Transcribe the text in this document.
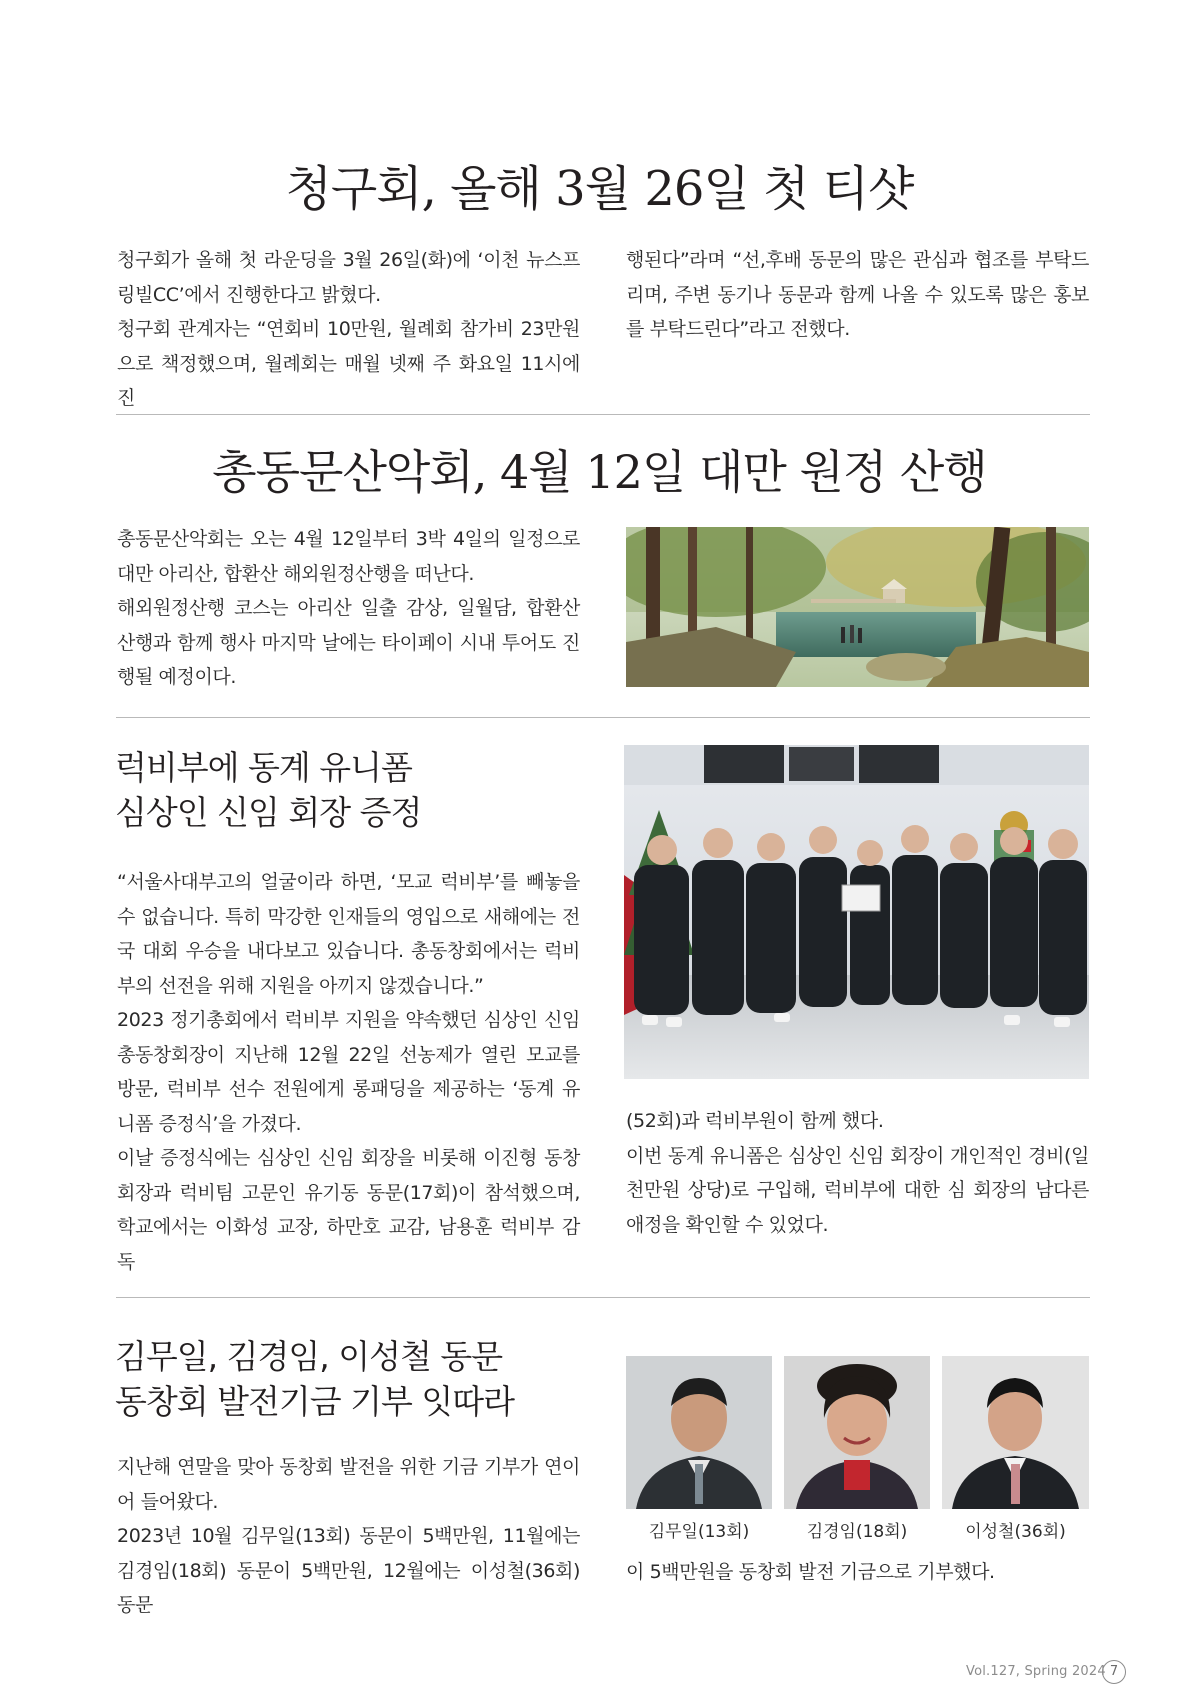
청구회, 올해 3월 26일 첫 티샷

청구회가 올해 첫 라운딩을 3월 26일(화)에 ‘이천 뉴스프링빌CC’에서 진행한다고 밝혔다.

청구회 관계자는 “연회비 10만원, 월례회 참가비 23만원으로 책정했으며, 월례회는 매월 넷째 주 화요일 11시에 진

행된다”라며 “선,후배 동문의 많은 관심과 협조를 부탁드리며, 주변 동기나 동문과 함께 나올 수 있도록 많은 홍보를 부탁드린다”라고 전했다.

총동문산악회, 4월 12일 대만 원정 산행

총동문산악회는 오는 4월 12일부터 3박 4일의 일정으로 대만 아리산, 합환산 해외원정산행을 떠난다.

해외원정산행 코스는 아리산 일출 감상, 일월담, 합환산 산행과 함께 행사 마지막 날에는 타이페이 시내 투어도 진행될 예정이다.

럭비부에 동계 유니폼
심상인 신임 회장 증정

“서울사대부고의 얼굴이라 하면, ‘모교 럭비부’를 빼놓을 수 없습니다. 특히 막강한 인재들의 영입으로 새해에는 전국 대회 우승을 내다보고 있습니다. 총동창회에서는 럭비부의 선전을 위해 지원을 아끼지 않겠습니다.”

2023 정기총회에서 럭비부 지원을 약속했던 심상인 신임 총동창회장이 지난해 12월 22일 선농제가 열린 모교를 방문, 럭비부 선수 전원에게 롱패딩을 제공하는 ‘동계 유니폼 증정식’을 가졌다.

이날 증정식에는 심상인 신임 회장을 비롯해 이진형 동창회장과 럭비팀 고문인 유기동 동문(17회)이 참석했으며, 학교에서는 이화성 교장, 하만호 교감, 남용훈 럭비부 감독

(52회)과 럭비부원이 함께 했다.

이번 동계 유니폼은 심상인 신임 회장이 개인적인 경비(일천만원 상당)로 구입해, 럭비부에 대한 심 회장의 남다른 애정을 확인할 수 있었다.

김무일, 김경임, 이성철 동문
동창회 발전기금 기부 잇따라

지난해 연말을 맞아 동창회 발전을 위한 기금 기부가 연이어 들어왔다.

2023년 10월 김무일(13회) 동문이 5백만원, 11월에는 김경임(18회) 동문이 5백만원, 12월에는 이성철(36회) 동문

김무일(13회)	김경임(18회)	이성철(36회)

이 5백만원을 동창회 발전 기금으로 기부했다.

Vol.127, Spring 2024 7
